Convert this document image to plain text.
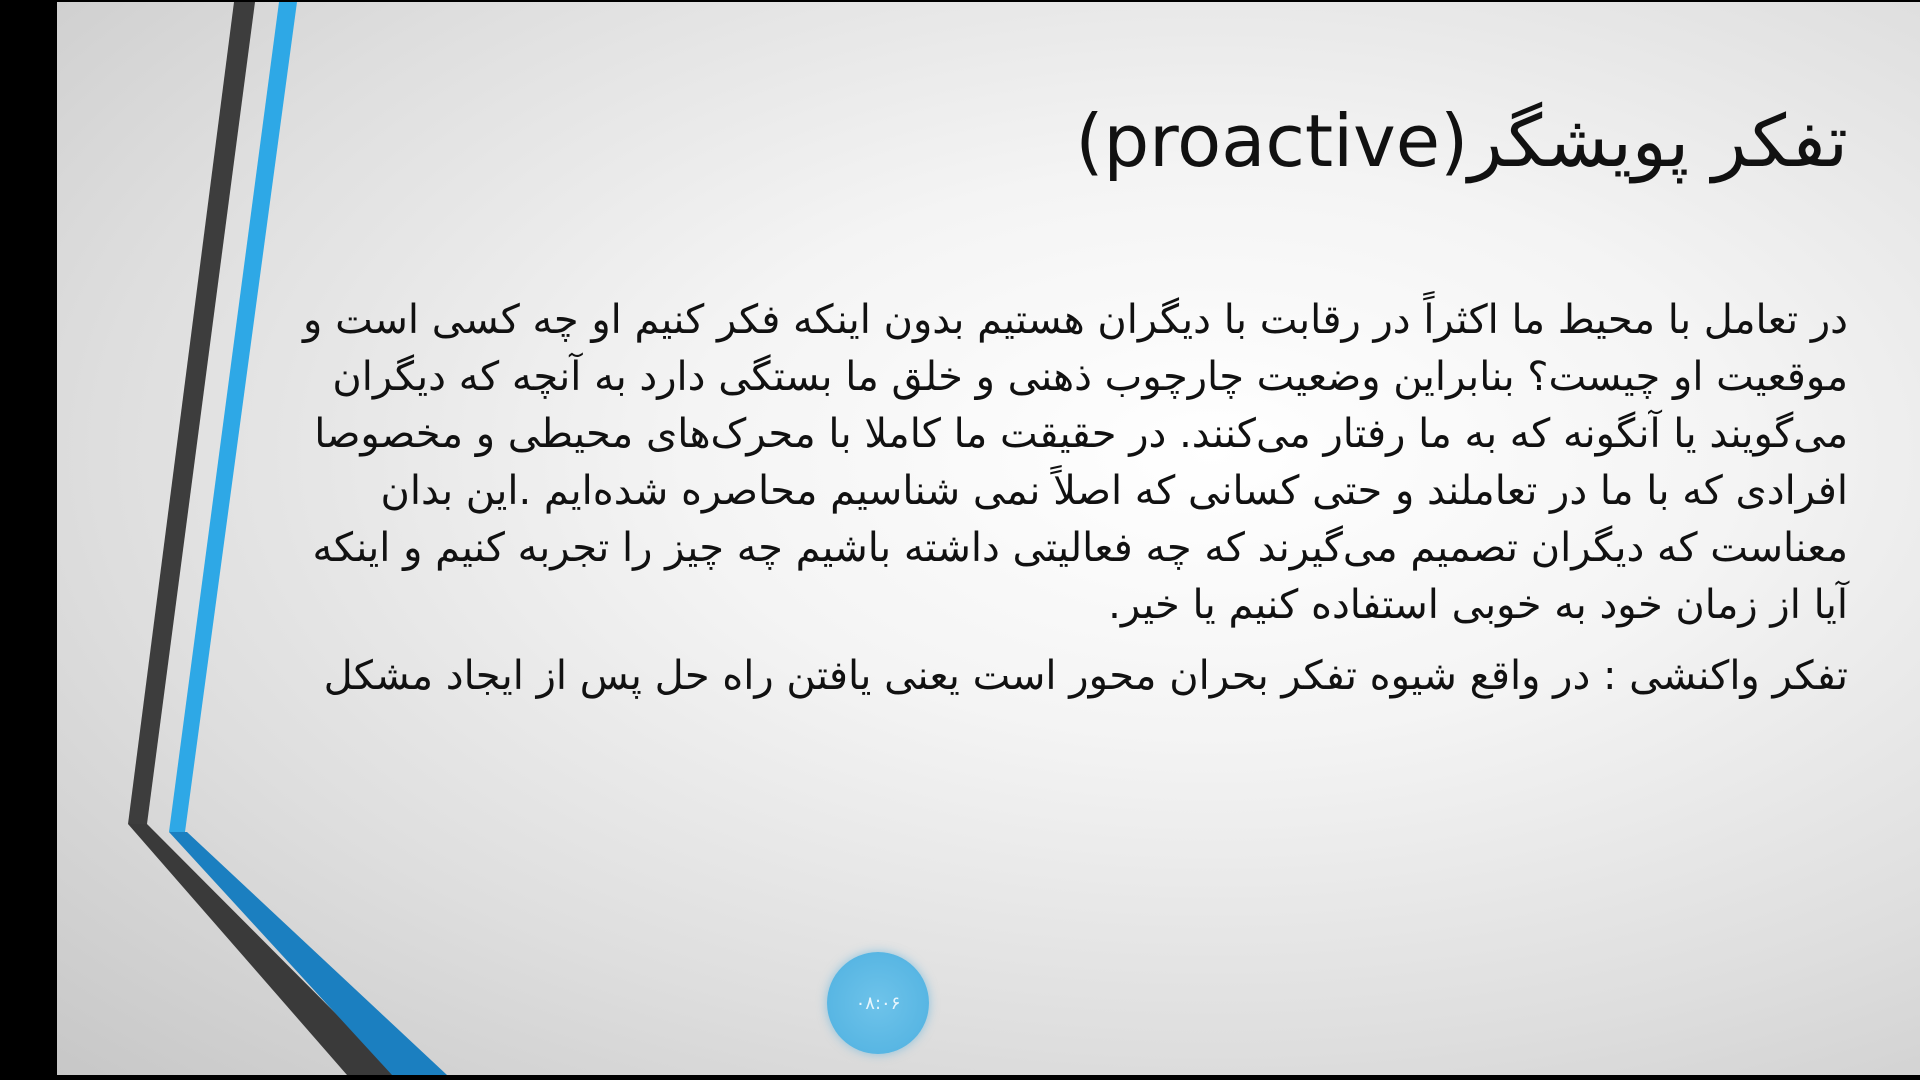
تفکر پویشگر(proactive)

در تعامل با محیط ما اکثراً در رقابت با دیگران هستیم بدون اینکه فکر کنیم او چه کسی است و موقعیت او چیست؟ بنابراین وضعیت چارچوب ذهنی و خلق ما بستگی دارد به آنچه که دیگران می‌گویند یا آنگونه که به ما رفتار می‌کنند. در حقیقت ما کاملا با محرک‌های محیطی و مخصوصا افرادی که با ما در تعاملند و حتی کسانی که اصلاً نمی شناسیم محاصره شده‌ایم .این بدان معناست که دیگران تصمیم می‌گیرند که چه فعالیتی داشته باشیم چه چیز را تجربه کنیم و اینکه آیا از زمان خود به خوبی استفاده کنیم یا خیر.

تفکر واکنشی : در واقع شیوه تفکر بحران محور است یعنی یافتن راه حل پس از ایجاد مشکل

۰۸:۰۶
